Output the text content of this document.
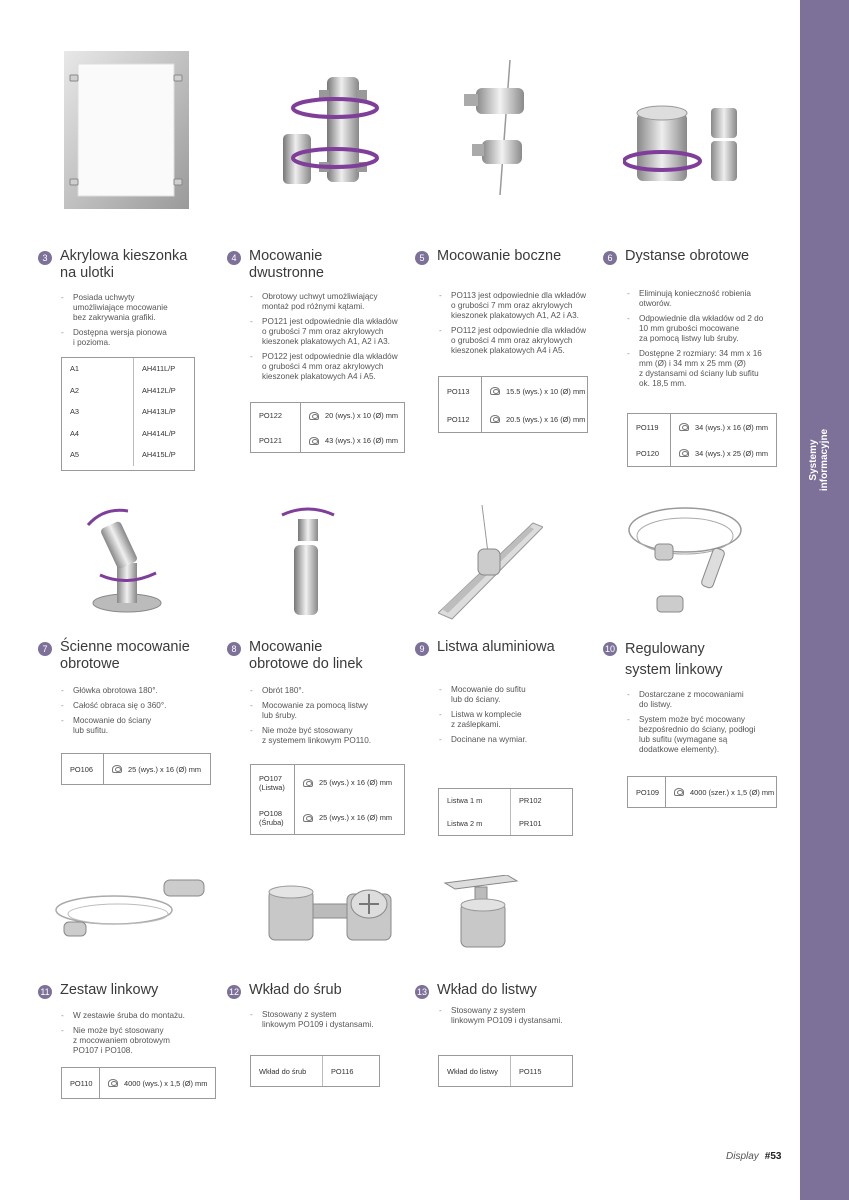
Systemy
informacyjne
3 Akrylowa kieszonka
na ulotki
- Posiada uchwyty
umożliwiające mocowanie
bez zakrywania grafiki.
- Dostępna wersja pionowa
i pozioma.
A1	AH411L/P
A2	AH412L/P
A3	AH413L/P
A4	AH414L/P
A5	AH415L/P
4 Mocowanie
dwustronne
- Obrotowy uchwyt umożliwiający
montaż pod różnymi kątami.
- PO121 jest odpowiednie dla wkładów
o grubości 7 mm oraz akrylowych
kieszonek plakatowych A1, A2 i A3.
- PO122 jest odpowiednie dla wkładów
o grubości 4 mm oraz akrylowych
kieszonek plakatowych A4 i A5.
PO122	20 (wys.) x 10 (Ø) mm
PO121	43 (wys.) x 16 (Ø) mm
5 Mocowanie boczne
- PO113 jest odpowiednie dla wkładów
o grubości 7 mm oraz akrylowych
kieszonek plakatowych A1, A2 i A3.
- PO112 jest odpowiednie dla wkładów
o grubości 4 mm oraz akrylowych
kieszonek plakatowych A4 i A5.
PO113	15.5 (wys.) x 10 (Ø) mm
PO112	20.5 (wys.) x 16 (Ø) mm
6 Dystanse obrotowe
- Eliminują konieczność robienia
otworów.
- Odpowiednie dla wkładów od 2 do
10 mm grubości mocowane
za pomocą listwy lub śruby.
- Dostępne 2 rozmiary: 34 mm x 16
mm (Ø) i 34 mm x 25 mm (Ø)
z dystansami od ściany lub sufitu
ok. 18,5 mm.
PO119	34 (wys.) x 16 (Ø) mm
PO120	34 (wys.) x 25 (Ø) mm
7 Ścienne mocowanie
obrotowe
- Główka obrotowa 180°.
- Całość obraca się o 360°.
- Mocowanie do ściany
lub sufitu.
PO106	25 (wys.) x 16 (Ø) mm
8 Mocowanie
obrotowe do linek
- Obrót 180°.
- Mocowanie za pomocą listwy
lub śruby.
- Nie może być stosowany
z systemem linkowym PO110.
PO107
(Listwa)	25 (wys.) x 16 (Ø) mm
PO108
(Śruba)	25 (wys.) x 16 (Ø) mm
9 Listwa aluminiowa
- Mocowanie do sufitu
lub do ściany.
- Listwa w komplecie
z zaślepkami.
- Docinane na wymiar.
Listwa 1 m	PR102
Listwa 2 m	PR101
10 Regulowany
system linkowy
- Dostarczane z mocowaniami
do listwy.
- System może być mocowany
bezpośrednio do ściany, podłogi
lub sufitu (wymagane są
dodatkowe elementy).
PO109	4000 (szer.) x 1,5 (Ø) mm
11 Zestaw linkowy
- W zestawie śruba do montażu.
- Nie może być stosowany
z mocowaniem obrotowym
PO107 i PO108.
PO110	4000 (wys.) x 1,5 (Ø) mm
12 Wkład do śrub
- Stosowany z system
linkowym PO109 i dystansami.
Wkład do śrub	PO116
13 Wkład do listwy
- Stosowany z system
linkowym PO109 i dystansami.
Wkład do listwy	PO115
Display #53
